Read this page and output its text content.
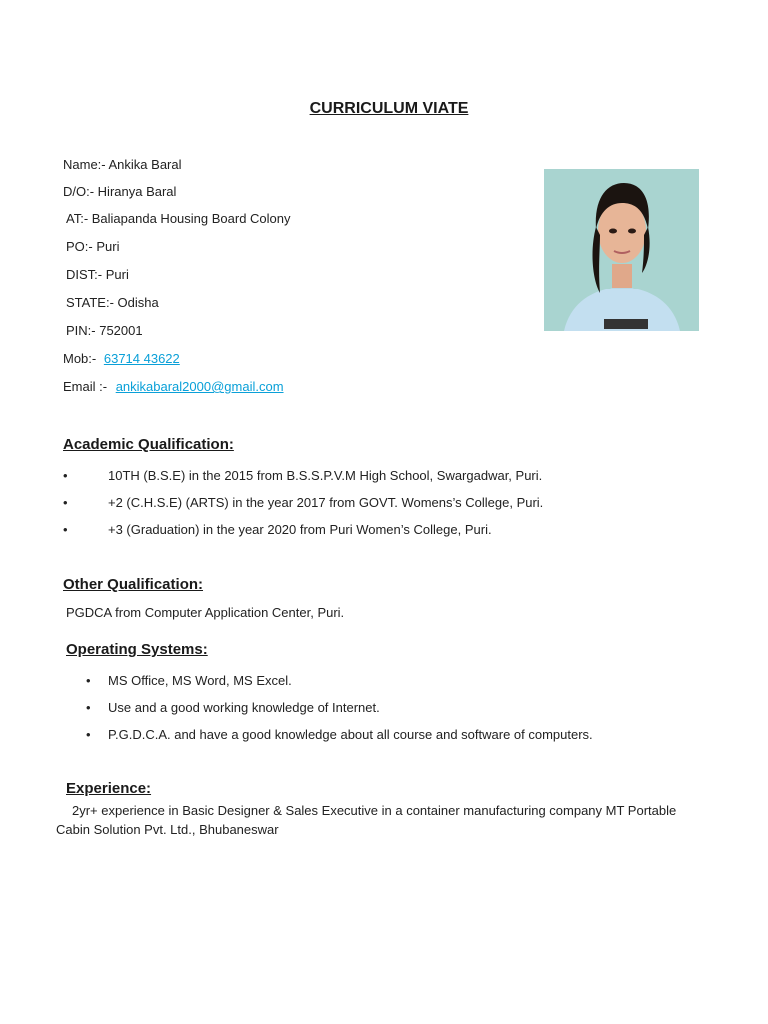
CURRICULUM VIATE
Name:- Ankika Baral
D/O:- Hiranya Baral
AT:- Baliapanda Housing Board Colony
PO:- Puri
DIST:- Puri
STATE:- Odisha
PIN:- 752001
Mob:- 63714 43622
Email :- ankikabaral2000@gmail.com
Academic Qualification:
•	10TH (B.S.E) in the 2015 from B.S.S.P.V.M High School, Swargadwar, Puri.
•	+2 (C.H.S.E) (ARTS) in the year 2017 from GOVT. Womens’s College, Puri.
•	+3 (Graduation) in the year 2020 from Puri Women’s College, Puri.
Other Qualification:
PGDCA from Computer Application Center, Puri.
Operating Systems:
• MS Office, MS Word, MS Excel.
• Use and a good working knowledge of Internet.
• P.G.D.C.A. and have a good knowledge about all course and software of computers.
Experience:
2yr+ experience in Basic Designer & Sales Executive in a container manufacturing company MT Portable
Cabin Solution Pvt. Ltd., Bhubaneswar
